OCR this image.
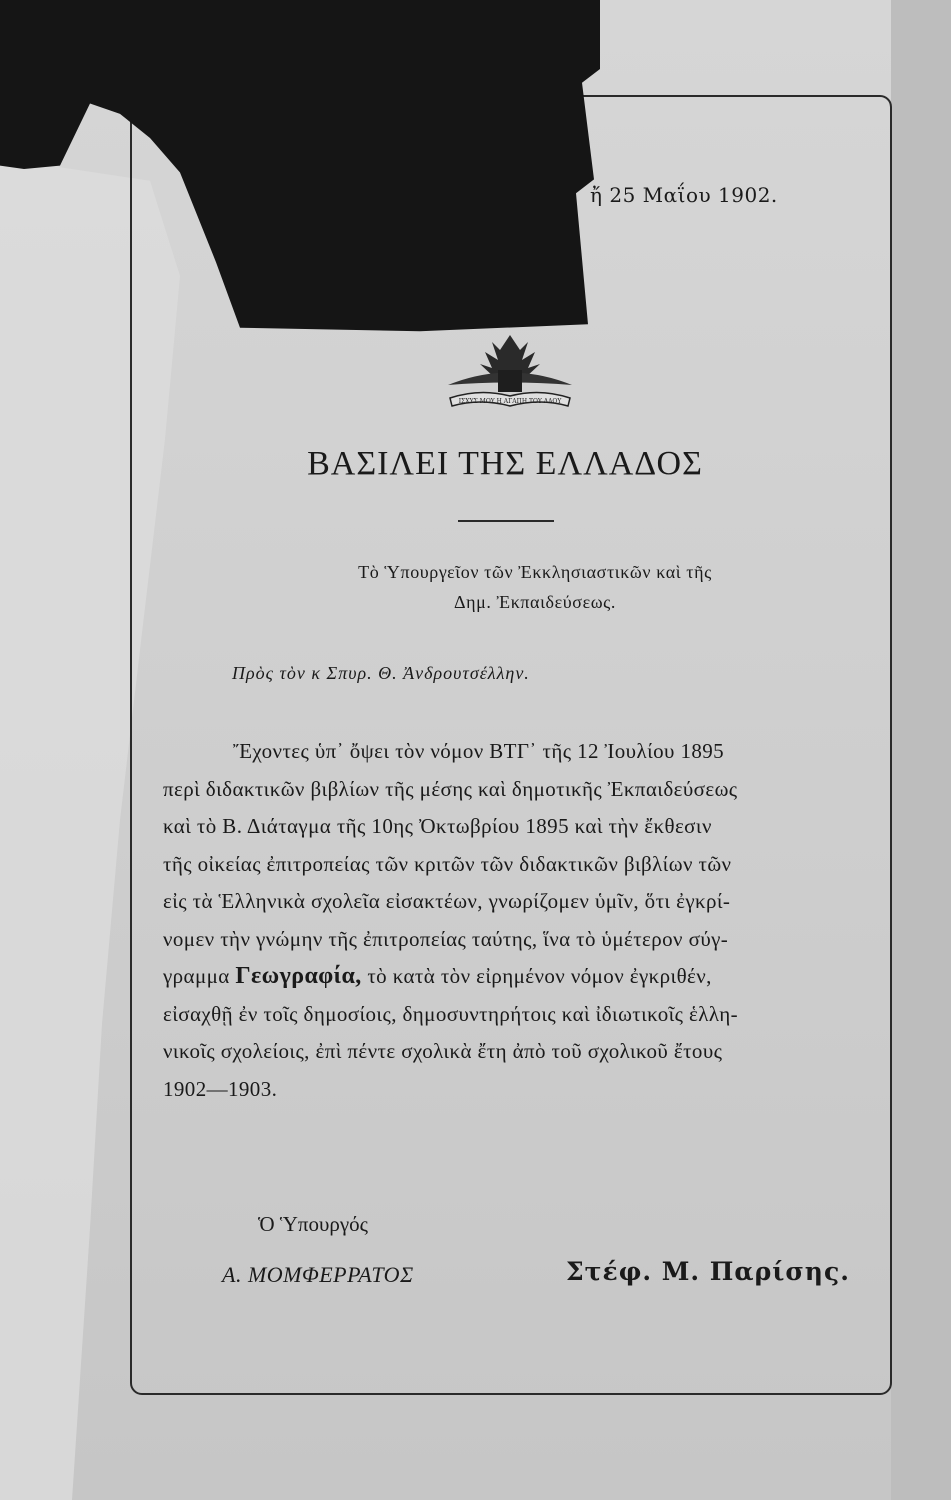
ἤ 25 Μαΐου 1902.
ΙΣΧΥΣ ΜΟΥ Η ΑΓΑΠΗ ΤΟΥ ΛΑΟΥ
ΒΑΣΙΛΕΙ ΤΗΣ ΕΛΛΑΔΟΣ
Τὸ Ὑπουργεῖον τῶν Ἐκκλησιαστικῶν καὶ τῆς
Δημ. Ἐκπαιδεύσεως.
Πρὸς τὸν κ Σπυρ. Θ. Ἀνδρουτσέλλην.
Ἔχοντες ὑπ᾽ ὄψει τὸν νόμον ΒΤΓ᾽ τῆς 12 Ἰουλίου 1895
περὶ διδακτικῶν βιβλίων τῆς μέσης καὶ δημοτικῆς Ἐκπαιδεύσεως
καὶ τὸ Β. Διάταγμα τῆς 10ης Ὀκτωβρίου 1895 καὶ τὴν ἔκθεσιν
τῆς οἰκείας ἐπιτροπείας τῶν κριτῶν τῶν διδακτικῶν βιβλίων τῶν
εἰς τὰ Ἑλληνικὰ σχολεῖα εἰσακτέων, γνωρίζομεν ὑμῖν, ὅτι ἐγκρί-
νομεν τὴν γνώμην τῆς ἐπιτροπείας ταύτης, ἵνα τὸ ὑμέτερον σύγ-
γραμμα Γεωγραφία, τὸ κατὰ τὸν εἰρημένον νόμον ἐγκριθέν,
εἰσαχθῇ ἐν τοῖς δημοσίοις, δημοσυντηρήτοις καὶ ἰδιωτικοῖς ἑλλη-
νικοῖς σχολείοις, ἐπὶ πέντε σχολικὰ ἔτη ἀπὸ τοῦ σχολικοῦ ἔτους
1902—1903.
Ὁ Ὑπουργός
Α. ΜΟΜΦΕΡΡΑΤΟΣ	Στέφ. Μ. Παρίσης.
